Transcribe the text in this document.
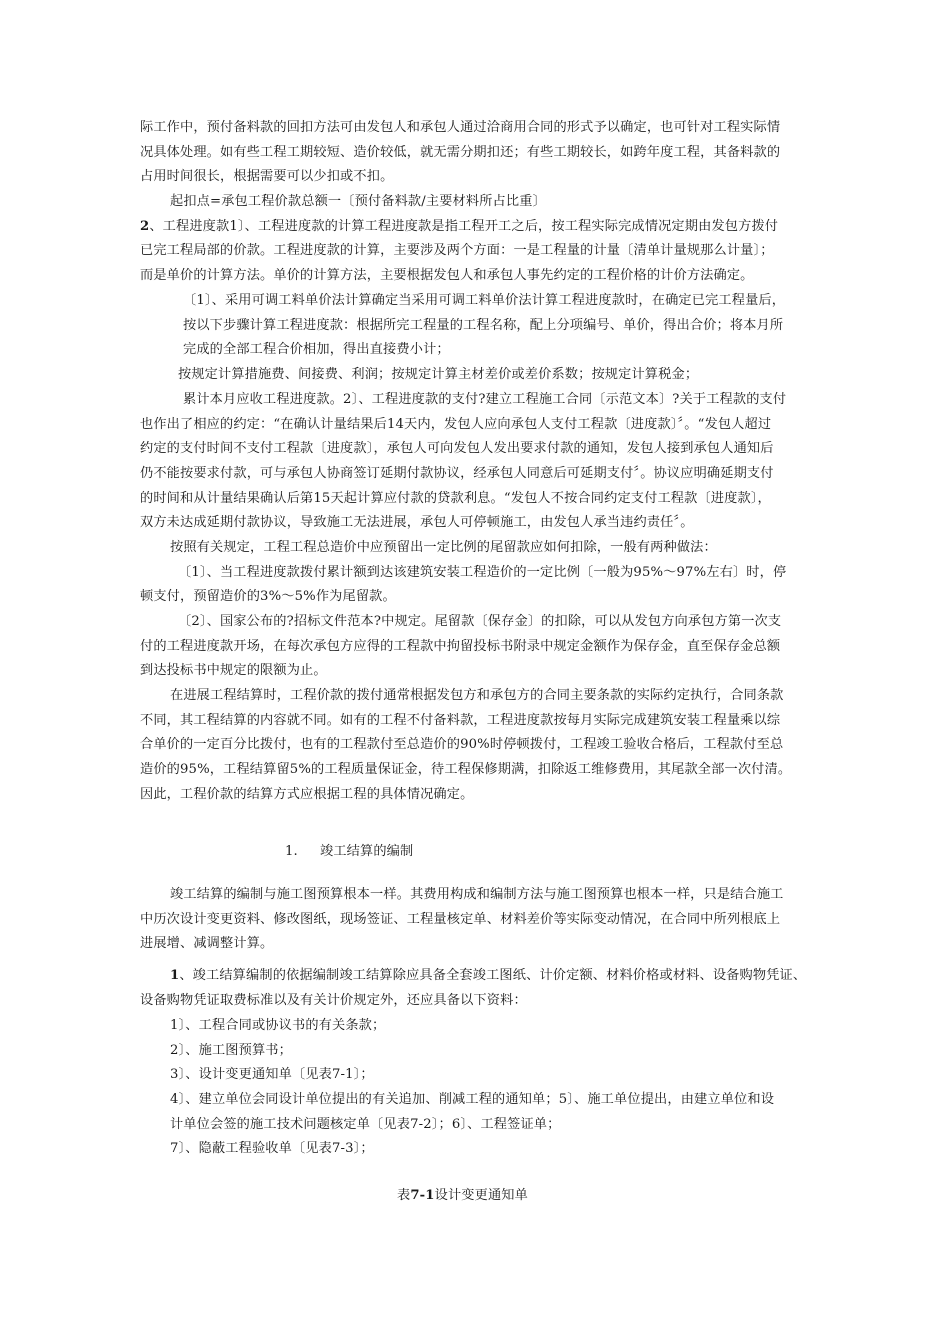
际工作中，预付备料款的回扣方法可由发包人和承包人通过洽商用合同的形式予以确定，也可针对工程实际情
况具体处理。如有些工程工期较短、造价较低，就无需分期扣还；有些工期较长，如跨年度工程，其备料款的
占用时间很长，根据需要可以少扣或不扣。
起扣点=承包工程价款总额一〔预付备料款/主要材料所占比重〕
2、工程进度款1〕、工程进度款的计算工程进度款是指工程开工之后，按工程实际完成情况定期由发包方拨付
已完工程局部的价款。工程进度款的计算，主要涉及两个方面：一是工程量的计量〔清单计量规那么计量〕；
而是单价的计算方法。单价的计算方法，主要根据发包人和承包人事先约定的工程价格的计价方法确定。
〔1〕、采用可调工料单价法计算确定当采用可调工料单价法计算工程进度款时，在确定已完工程量后，
按以下步骤计算工程进度款：根据所完工程量的工程名称，配上分项编号、单价，得出合价；将本月所
完成的全部工程合价相加，得出直接费小计；
按规定计算措施费、间接费、利润；按规定计算主材差价或差价系数；按规定计算税金；
累计本月应收工程进度款。2〕、工程进度款的支付?建立工程施工合同〔示范文本〕?关于工程款的支付
也作出了相应的约定：“在确认计量结果后14天内，发包人应向承包人支付工程款〔进度款〕〞。“发包人超过
约定的支付时间不支付工程款〔进度款〕，承包人可向发包人发出要求付款的通知，发包人接到承包人通知后
仍不能按要求付款，可与承包人协商签订延期付款协议，经承包人同意后可延期支付〞。协议应明确延期支付
的时间和从计量结果确认后第15天起计算应付款的贷款利息。“发包人不按合同约定支付工程款〔进度款〕，
双方未达成延期付款协议，导致施工无法进展，承包人可停顿施工，由发包人承当违约责任〞。
按照有关规定，工程工程总造价中应预留出一定比例的尾留款应如何扣除，一般有两种做法：
〔1〕、当工程进度款拨付累计额到达该建筑安装工程造价的一定比例〔一般为95%～97%左右〕时，停
顿支付，预留造价的3%～5%作为尾留款。
〔2〕、国家公布的?招标文件范本?中规定。尾留款〔保存金〕的扣除，可以从发包方向承包方第一次支
付的工程进度款开场，在每次承包方应得的工程款中拘留投标书附录中规定金额作为保存金，直至保存金总额
到达投标书中规定的限额为止。
在进展工程结算时，工程价款的拨付通常根据发包方和承包方的合同主要条款的实际约定执行，合同条款
不同，其工程结算的内容就不同。如有的工程不付备料款，工程进度款按每月实际完成建筑安装工程量乘以综
合单价的一定百分比拨付，也有的工程款付至总造价的90%时停顿拨付，工程竣工验收合格后，工程款付至总
造价的95%，工程结算留5%的工程质量保证金，待工程保修期满，扣除返工维修费用，其尾款全部一次付清。
因此，工程价款的结算方式应根据工程的具体情况确定。
1. 竣工结算的编制
竣工结算的编制与施工图预算根本一样。其费用构成和编制方法与施工图预算也根本一样，只是结合施工
中历次设计变更资料、修改图纸，现场签证、工程量核定单、材料差价等实际变动情况，在合同中所列根底上
进展增、减调整计算。
1、竣工结算编制的依据编制竣工结算除应具备全套竣工图纸、计价定额、材料价格或材料、设备购物凭证、
设备购物凭证取费标准以及有关计价规定外，还应具备以下资料：
1〕、工程合同或协议书的有关条款；
2〕、施工图预算书；
3〕、设计变更通知单〔见表7-1〕；
4〕、建立单位会同设计单位提出的有关追加、削减工程的通知单；5〕、施工单位提出，由建立单位和设
计单位会签的施工技术问题核定单〔见表7-2〕；6〕、工程签证单；
7〕、隐蔽工程验收单〔见表7-3〕；
表7-1设计变更通知单
